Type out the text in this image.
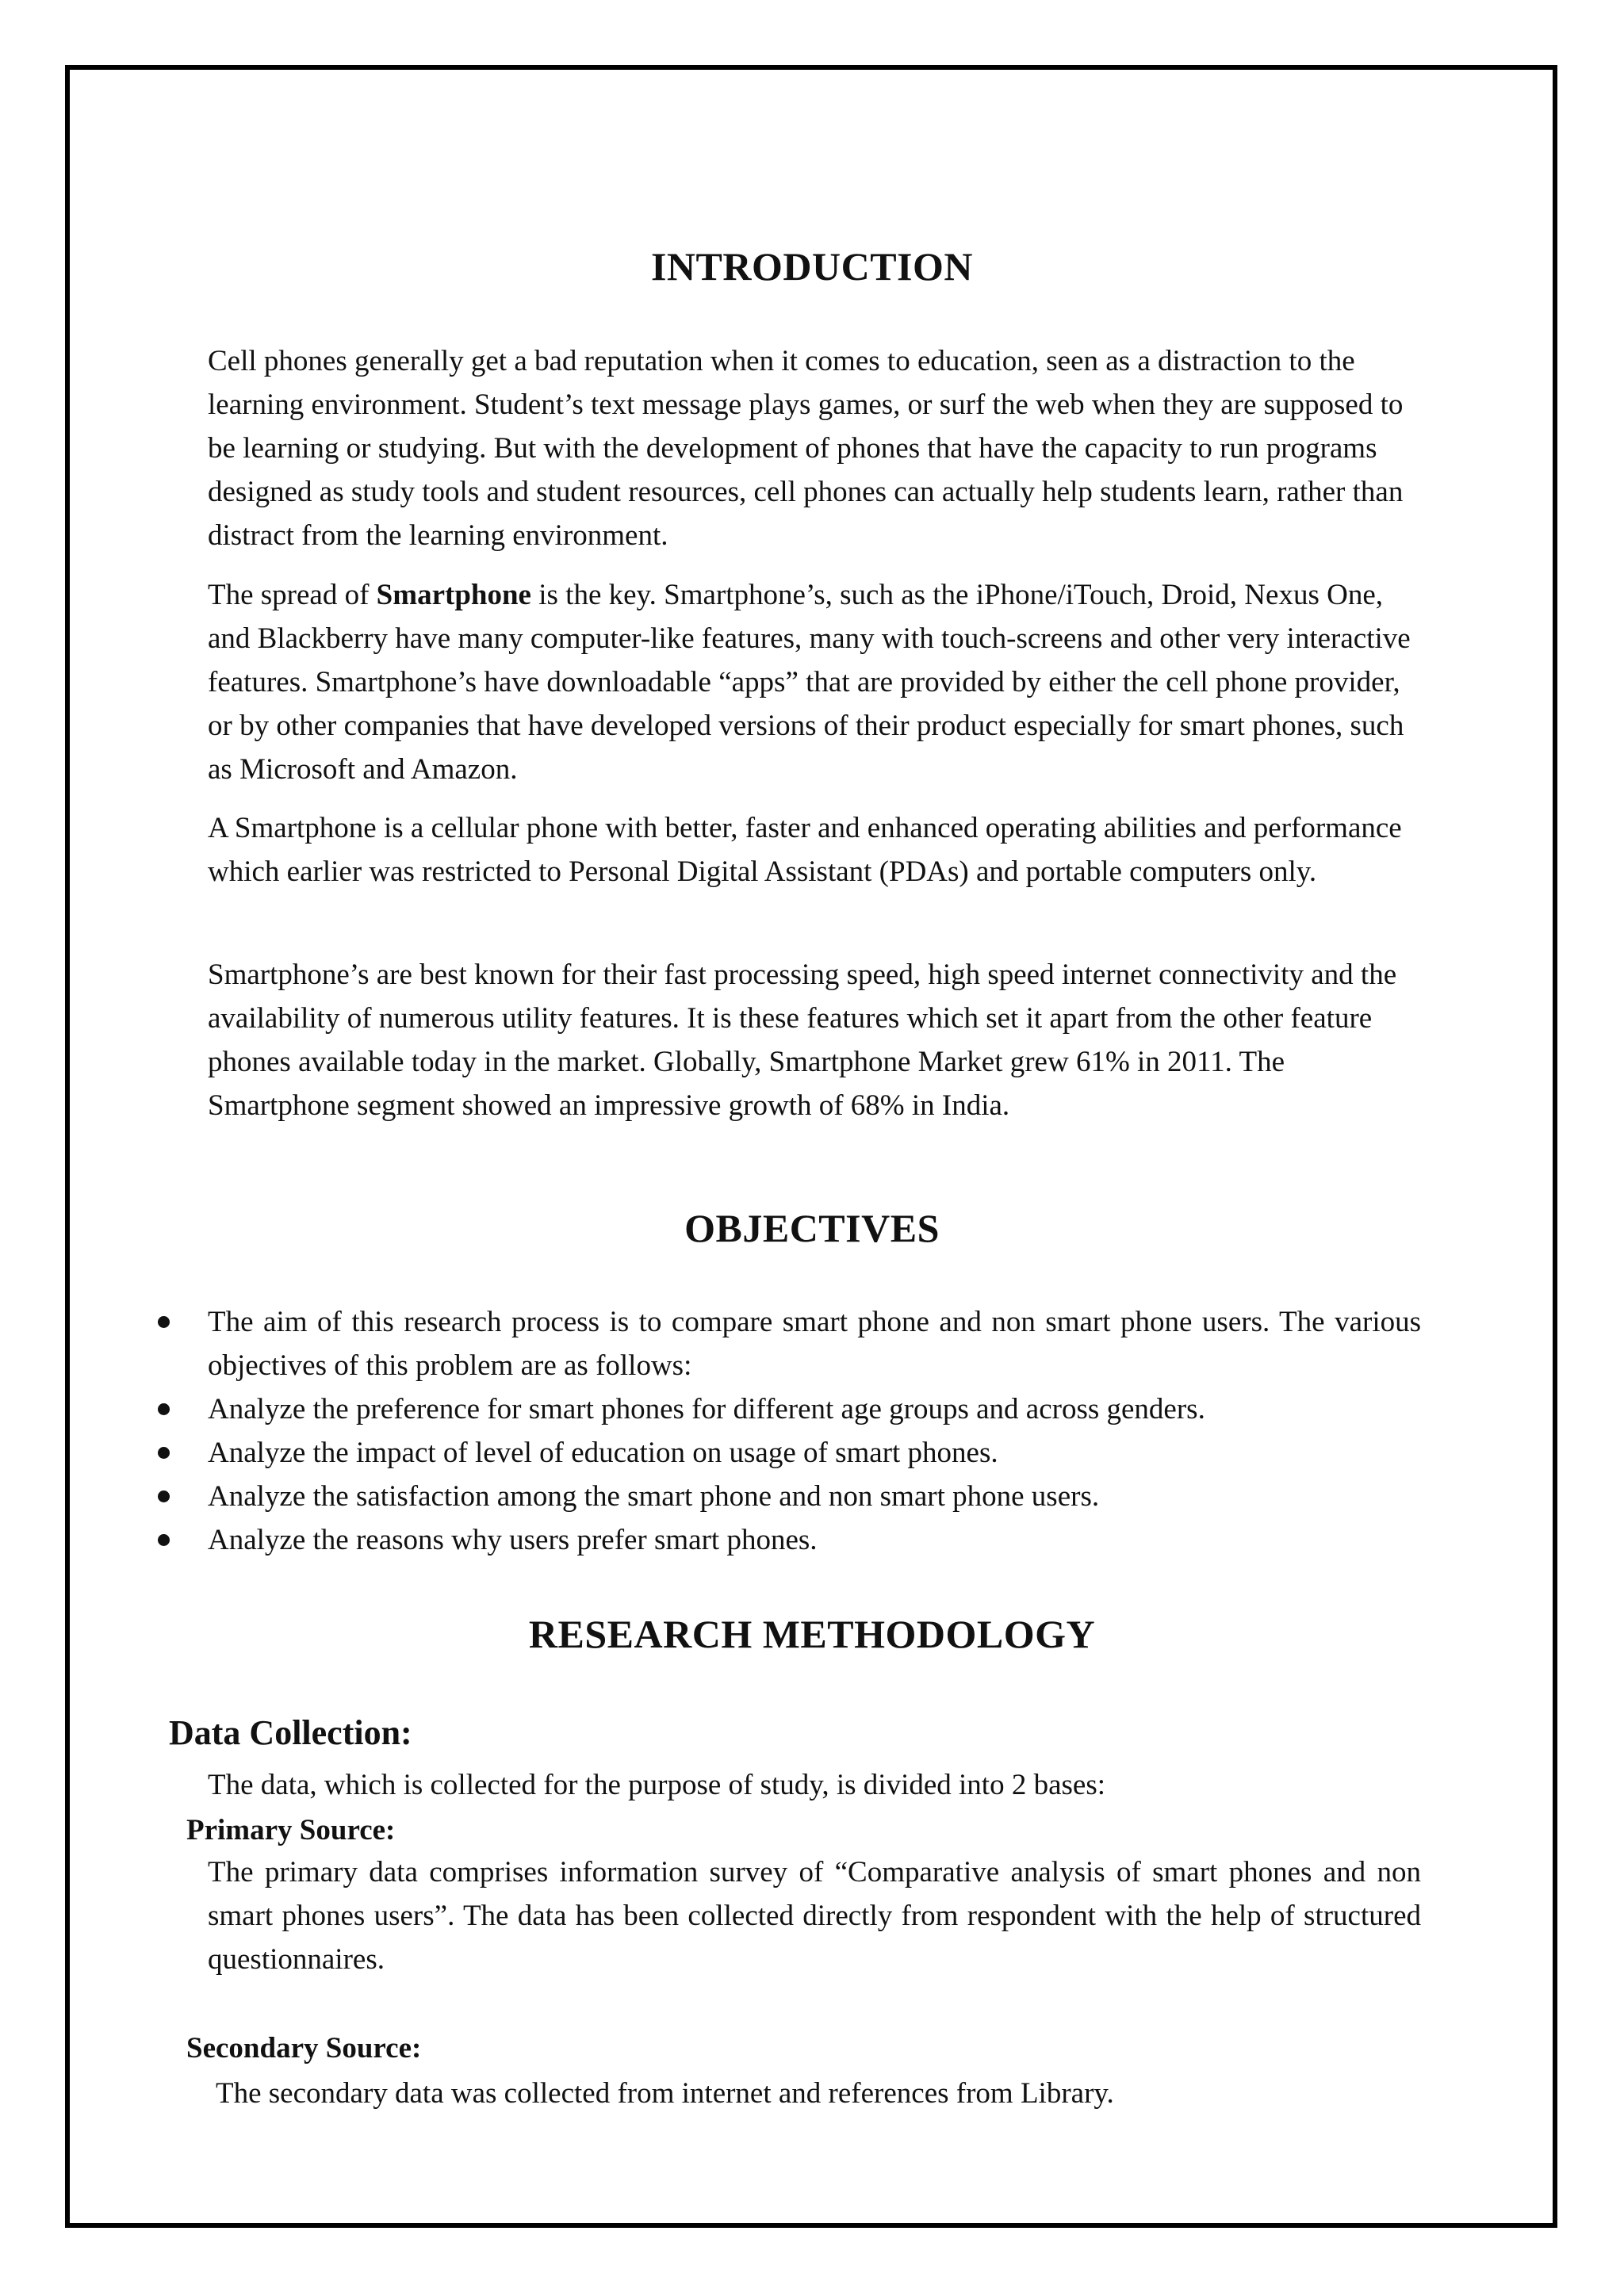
INTRODUCTION

Cell phones generally get a bad reputation when it comes to education, seen as a distraction to the learning environment. Student’s text message plays games, or surf the web when they are supposed to be learning or studying. But with the development of phones that have the capacity to run programs designed as study tools and student resources, cell phones can actually help students learn, rather than distract from the learning environment.

The spread of Smartphone is the key. Smartphone’s, such as the iPhone/iTouch, Droid, Nexus One, and Blackberry have many computer-like features, many with touch-screens and other very interactive features. Smartphone’s have downloadable “apps” that are provided by either the cell phone provider, or by other companies that have developed versions of their product especially for smart phones, such as Microsoft and Amazon.

A Smartphone is a cellular phone with better, faster and enhanced operating abilities and performance which earlier was restricted to Personal Digital Assistant (PDAs) and portable computers only.

Smartphone’s are best known for their fast processing speed, high speed internet connectivity and the availability of numerous utility features. It is these features which set it apart from the other feature phones available today in the market. Globally, Smartphone Market grew 61% in 2011. The Smartphone segment showed an impressive growth of 68% in India.

OBJECTIVES
The aim of this research process is to compare smart phone and non smart phone users. The various objectives of this problem are as follows:
Analyze the preference for smart phones for different age groups and across genders.
Analyze the impact of level of education on usage of smart phones.
Analyze the satisfaction among the smart phone and non smart phone users.
Analyze the reasons why users prefer smart phones.
RESEARCH METHODOLOGY
Data Collection:

The data, which is collected for the purpose of study, is divided into 2 bases:

Primary Source:

The primary data comprises information survey of “Comparative analysis of smart phones and non smart phones users”. The data has been collected directly from respondent with the help of structured questionnaires.

Secondary Source:

The secondary data was collected from internet and references from Library.
